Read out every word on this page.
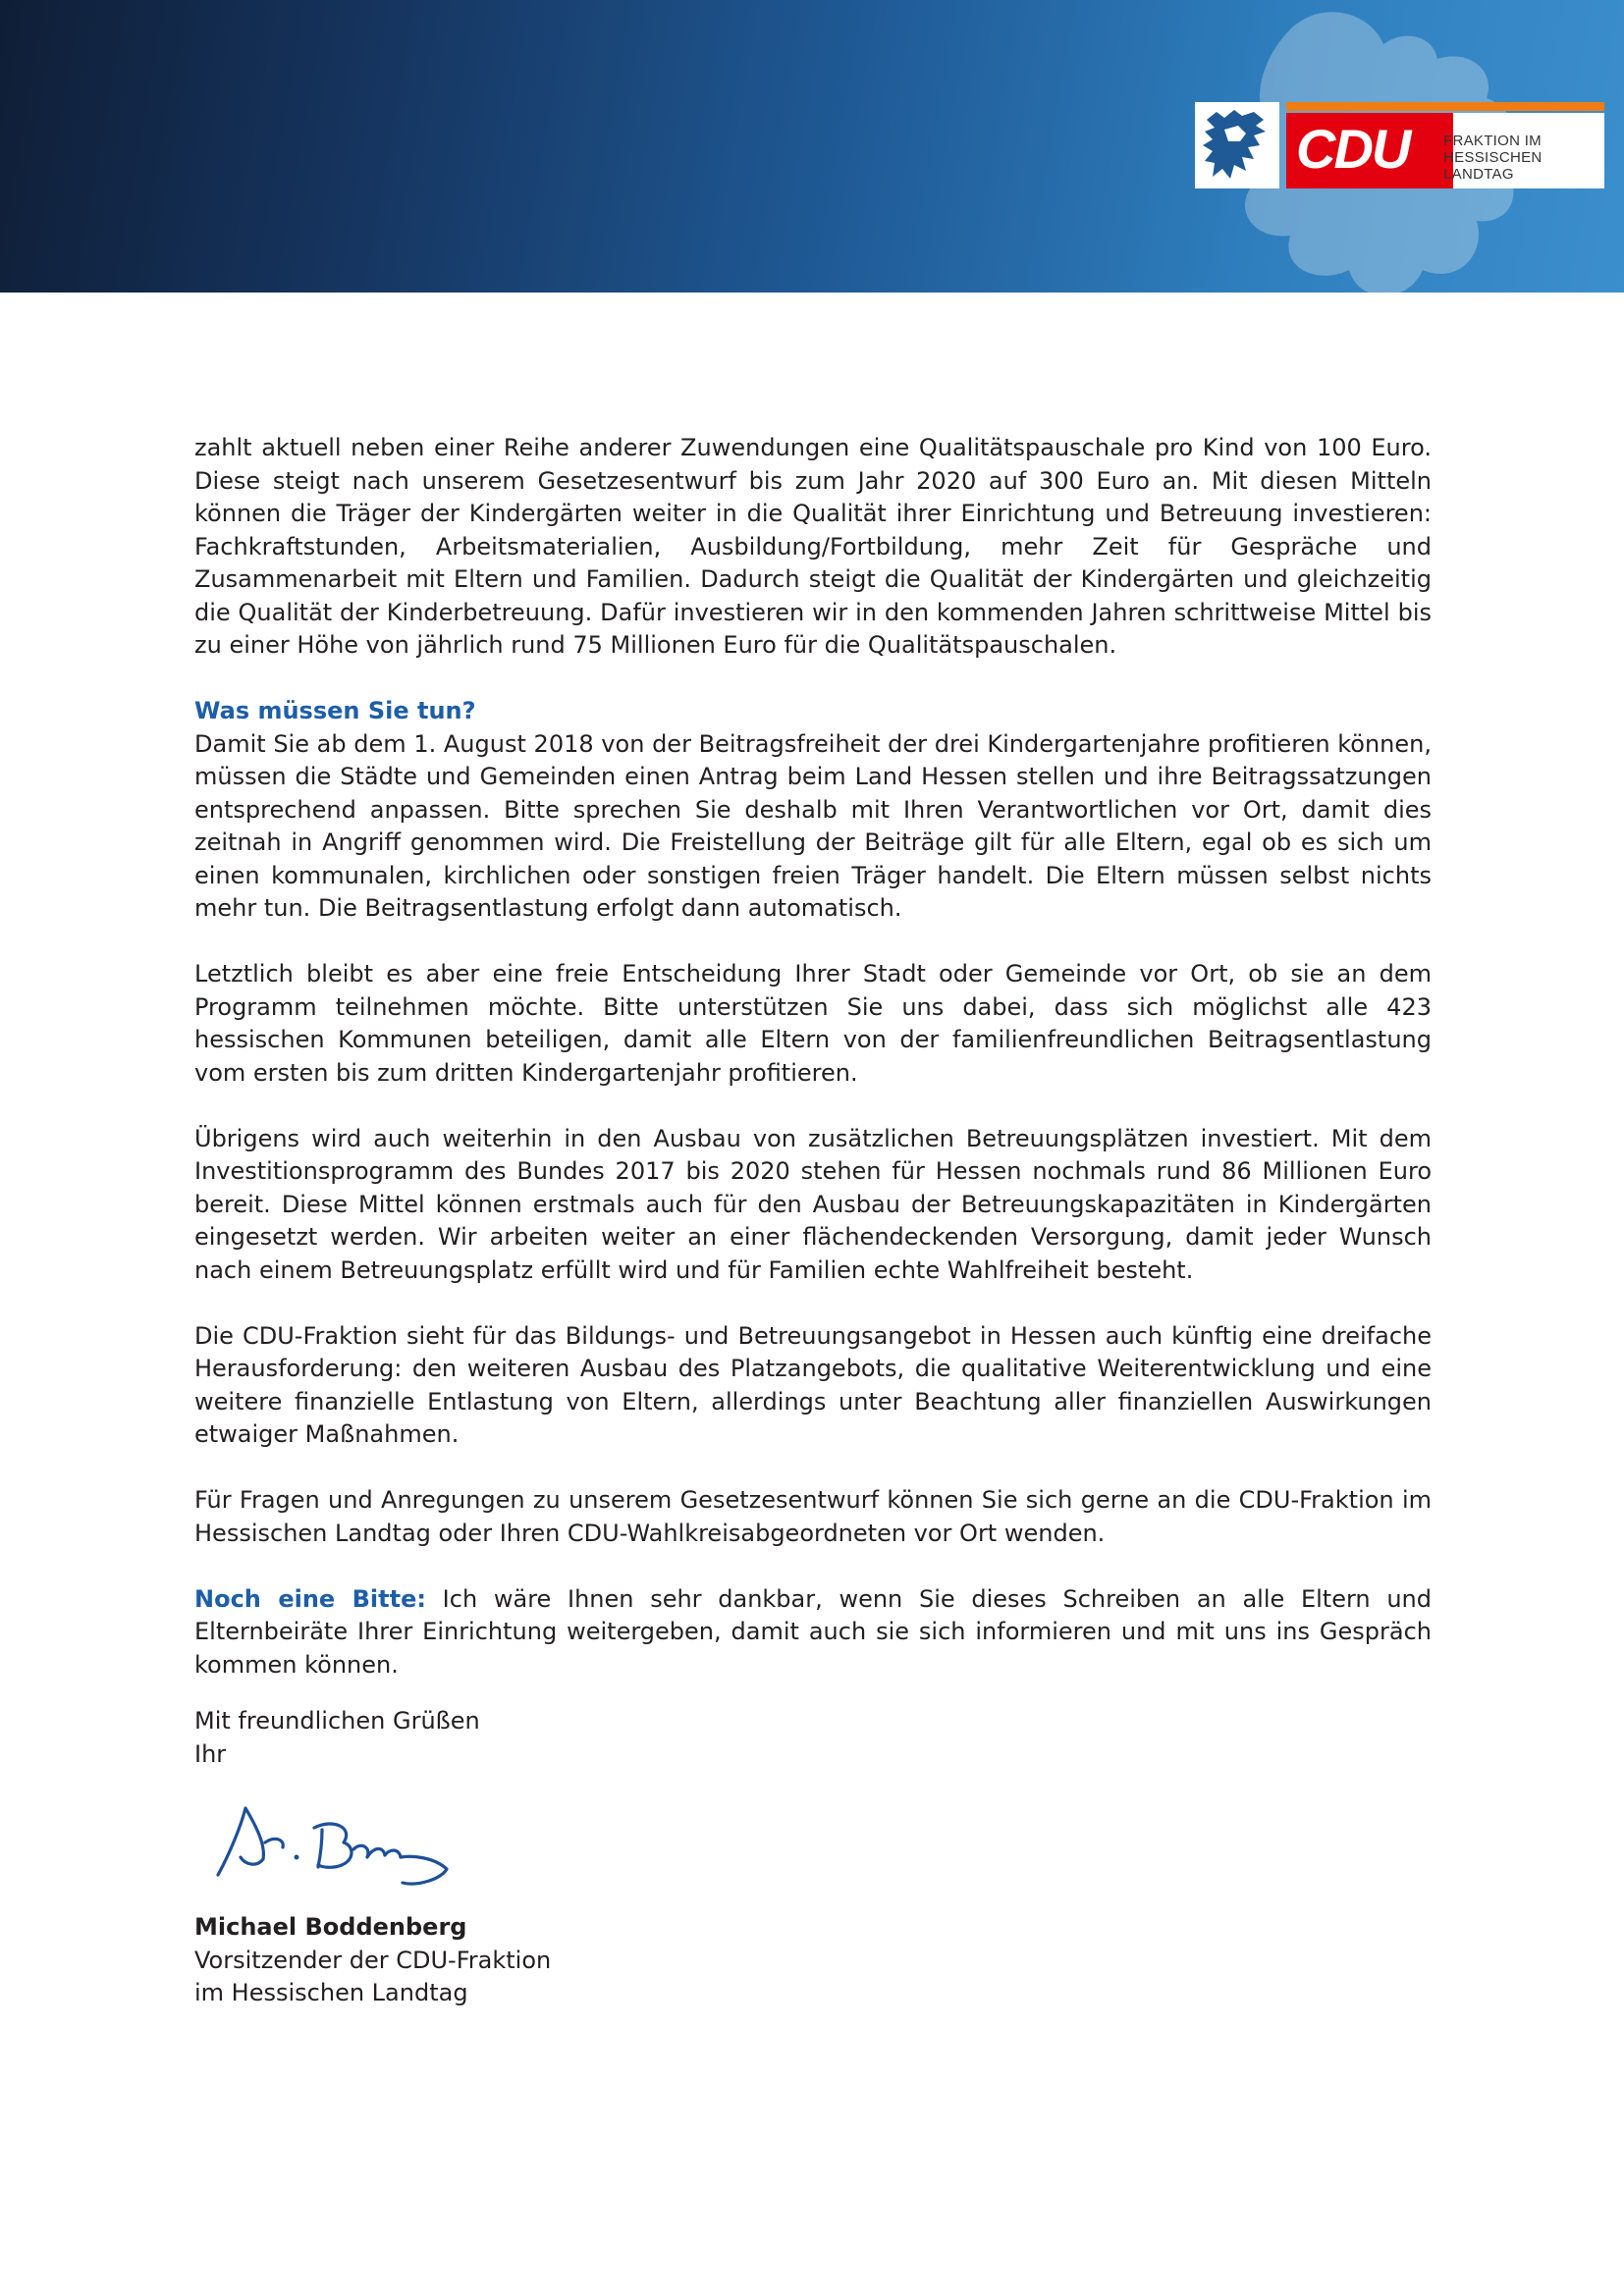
CDU FRAKTION IM
HESSISCHEN LANDTAG

zahlt aktuell neben einer Reihe anderer Zuwendungen eine Qualitätspauschale pro Kind von 100 Euro. Diese steigt nach unserem Gesetzesentwurf bis zum Jahr 2020 auf 300 Euro an. Mit diesen Mitteln können die Träger der Kindergärten weiter in die Qualität ihrer Einrichtung und Betreuung investieren: Fachkraftstunden, Arbeitsmaterialien, Ausbildung/Fortbildung, mehr Zeit für Gespräche und Zusammenarbeit mit Eltern und Familien. Dadurch steigt die Qualität der Kindergärten und gleichzeitig die Qualität der Kinderbetreuung. Dafür investieren wir in den kommenden Jahren schrittweise Mittel bis zu einer Höhe von jährlich rund 75 Millionen Euro für die Qualitätspauschalen.

Was müssen Sie tun?

Damit Sie ab dem 1. August 2018 von der Beitragsfreiheit der drei Kindergartenjahre profitieren können, müssen die Städte und Gemeinden einen Antrag beim Land Hessen stellen und ihre Beitragssatzungen entsprechend anpassen. Bitte sprechen Sie deshalb mit Ihren Verantwortlichen vor Ort, damit dies zeitnah in Angriff genommen wird. Die Freistellung der Beiträge gilt für alle Eltern, egal ob es sich um einen kommunalen, kirchlichen oder sonstigen freien Träger handelt. Die Eltern müssen selbst nichts mehr tun. Die Beitragsentlastung erfolgt dann automatisch.

Letztlich bleibt es aber eine freie Entscheidung Ihrer Stadt oder Gemeinde vor Ort, ob sie an dem Programm teilnehmen möchte. Bitte unterstützen Sie uns dabei, dass sich möglichst alle 423 hessischen Kommunen beteiligen, damit alle Eltern von der familienfreundlichen Beitragsentlastung vom ersten bis zum dritten Kindergartenjahr profitieren.

Übrigens wird auch weiterhin in den Ausbau von zusätzlichen Betreuungsplätzen investiert. Mit dem Investitionsprogramm des Bundes 2017 bis 2020 stehen für Hessen nochmals rund 86 Millionen Euro bereit. Diese Mittel können erstmals auch für den Ausbau der Betreuungskapazitäten in Kindergärten eingesetzt werden. Wir arbeiten weiter an einer flächendeckenden Versorgung, damit jeder Wunsch nach einem Betreuungsplatz erfüllt wird und für Familien echte Wahlfreiheit besteht.

Die CDU-Fraktion sieht für das Bildungs- und Betreuungsangebot in Hessen auch künftig eine dreifache Herausforderung: den weiteren Ausbau des Platzangebots, die qualitative Weiterentwicklung und eine weitere finanzielle Entlastung von Eltern, allerdings unter Beachtung aller finanziellen Auswirkungen etwaiger Maßnahmen.

Für Fragen und Anregungen zu unserem Gesetzesentwurf können Sie sich gerne an die CDU-Fraktion im Hessischen Landtag oder Ihren CDU-Wahlkreisabgeordneten vor Ort wenden.

Noch eine Bitte: Ich wäre Ihnen sehr dankbar, wenn Sie dieses Schreiben an alle Eltern und Elternbeiräte Ihrer Einrichtung weitergeben, damit auch sie sich informieren und mit uns ins Gespräch kommen können.

Mit freundlichen Grüßen
Ihr
Michael Boddenberg
Vorsitzender der CDU-Fraktion
im Hessischen Landtag
